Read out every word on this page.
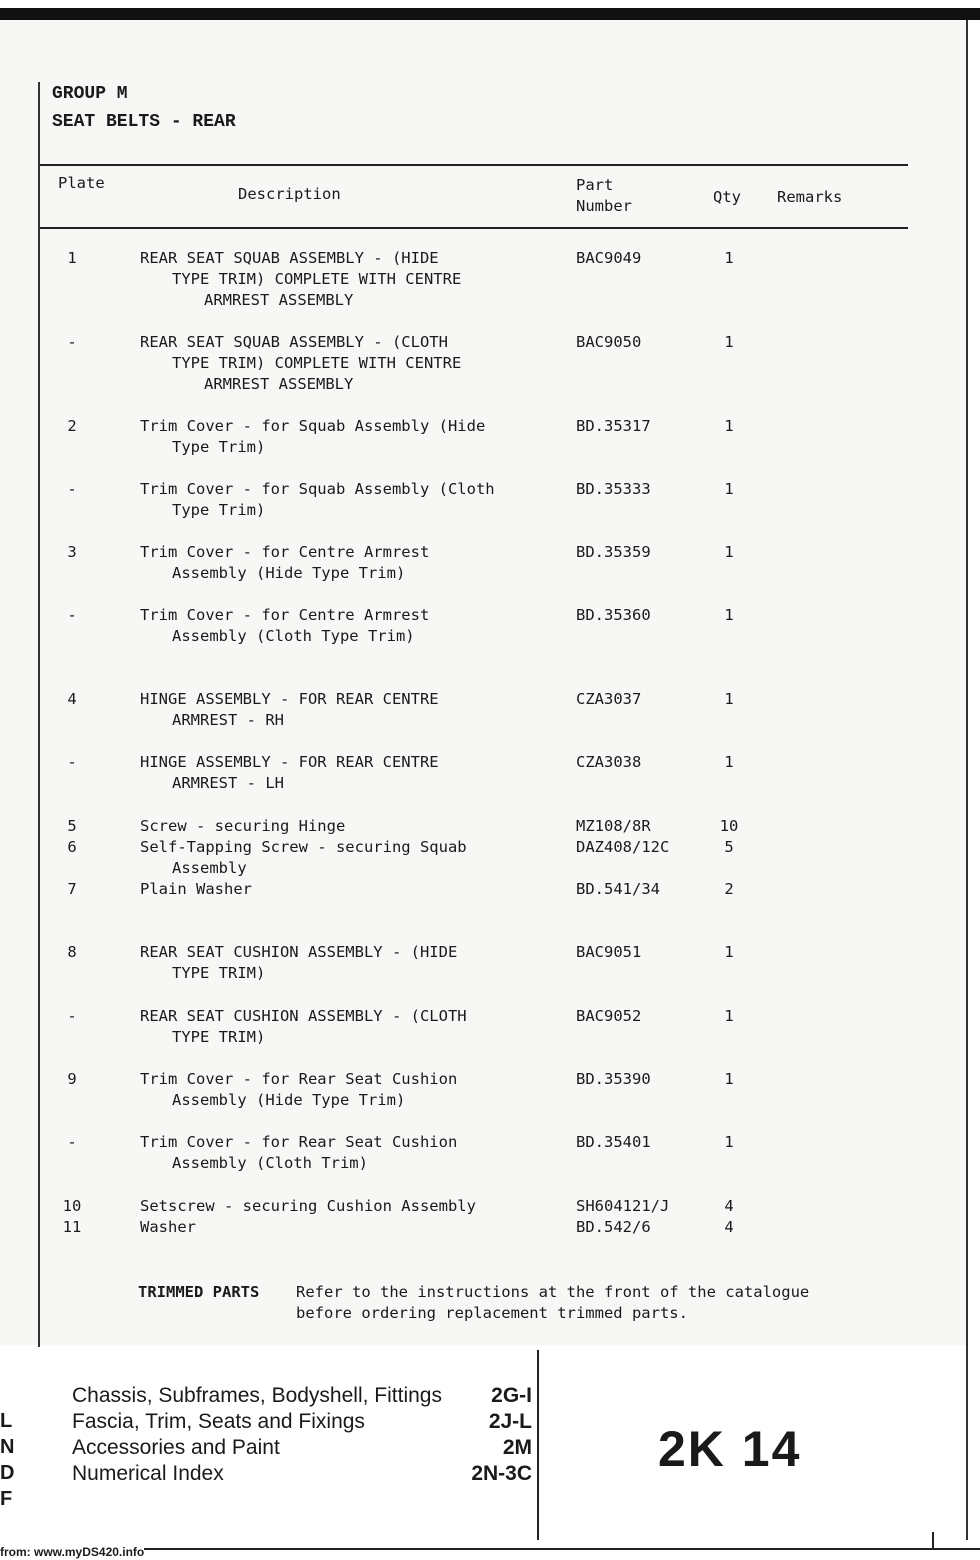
GROUP M
SEAT BELTS - REAR
Plate
Description	Part
Number	Qty Remarks
1	REAR SEAT SQUAB ASSEMBLY - (HIDE
TYPE TRIM) COMPLETE WITH CENTRE
ARMREST ASSEMBLY
BAC9049	1
-	REAR SEAT SQUAB ASSEMBLY - (CLOTH
TYPE TRIM) COMPLETE WITH CENTRE
ARMREST ASSEMBLY
BAC9050	1
2	Trim Cover - for Squab Assembly (Hide
Type Trim)
BD.35317	1
-	Trim Cover - for Squab Assembly (Cloth
Type Trim)
BD.35333	1
3	Trim Cover - for Centre Armrest
Assembly (Hide Type Trim)
BD.35359	1
-	Trim Cover - for Centre Armrest
Assembly (Cloth Type Trim)
BD.35360	1
4	HINGE ASSEMBLY - FOR REAR CENTRE
ARMREST - RH
CZA3037	1
-	HINGE ASSEMBLY - FOR REAR CENTRE
ARMREST - LH
CZA3038	1
5	Screw - securing Hinge	MZ108/8R	10
6	Self-Tapping Screw - securing Squab
Assembly
DAZ408/12C	5
7	Plain Washer	BD.541/34	2
8	REAR SEAT CUSHION ASSEMBLY - (HIDE
TYPE TRIM)
BAC9051	1
-	REAR SEAT CUSHION ASSEMBLY - (CLOTH
TYPE TRIM)
BAC9052	1
9	Trim Cover - for Rear Seat Cushion
Assembly (Hide Type Trim)
BD.35390	1
-	Trim Cover - for Rear Seat Cushion
Assembly (Cloth Trim)
BD.35401	1
10	Setscrew - securing Cushion Assembly	SH604121/J	4
11	Washer	BD.542/6	4
TRIMMED PARTS Refer to the instructions at the front of the catalogue
before ordering replacement trimmed parts.
L
N
D
F
Chassis, Subframes, Bodyshell, Fittings 2G-I
Fascia, Trim, Seats and Fixings	2J-L
Accessories and Paint	2M
Numerical Index	2N-3C	2K 14
from: www.myDS420.info
